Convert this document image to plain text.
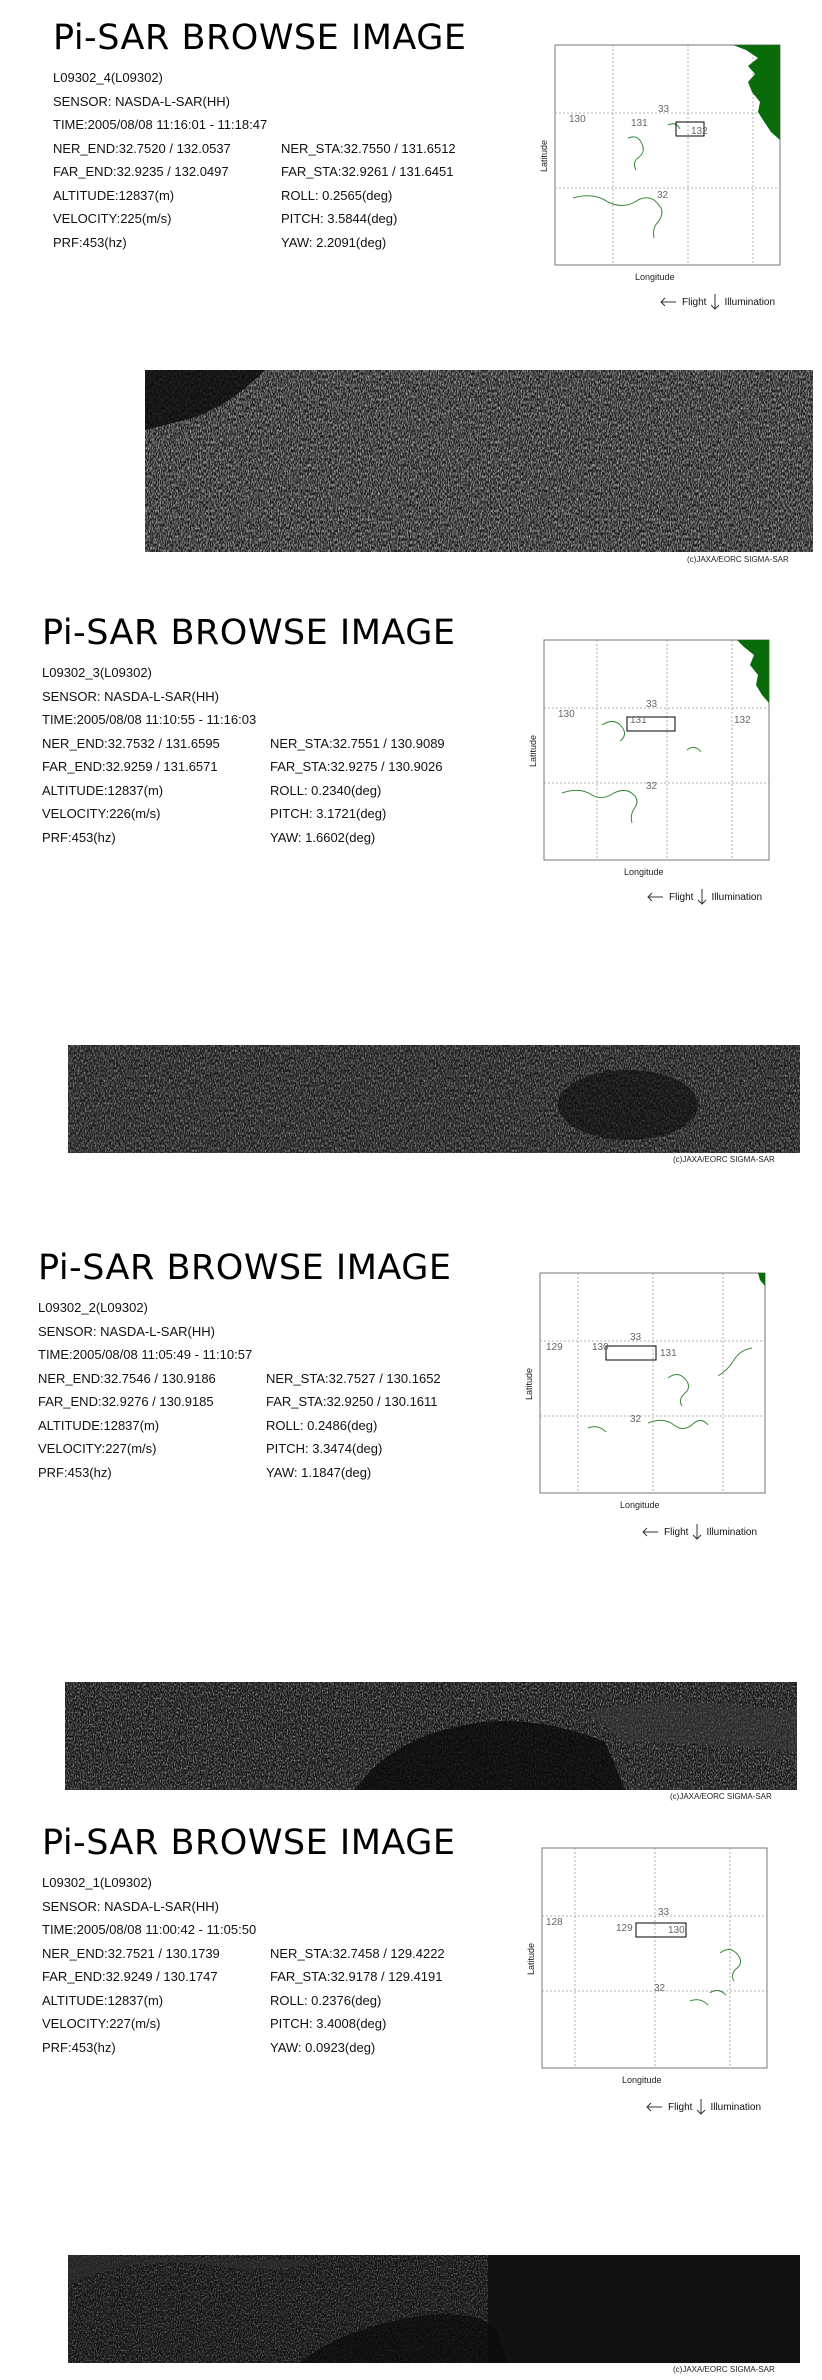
Pi-SAR BROWSE IMAGE
L09302_4(L09302)
SENSOR: NASDA-L-SAR(HH)
TIME:2005/08/08 11:16:01 - 11:18:47
NER_END:32.7520 / 132.0537	NER_STA:32.7550 / 131.6512
FAR_END:32.9235 / 132.0497	FAR_STA:32.9261 / 131.6451
ALTITUDE:12837(m)	ROLL: 0.2565(deg)
VELOCITY:225(m/s)	PITCH: 3.5844(deg)
PRF:453(hz)	YAW: 2.2091(deg)
130	131
132
33
32
Longitude
Latitude
Flight Illumination
(c)JAXA/EORC SIGMA-SAR
Pi-SAR BROWSE IMAGE
L09302_3(L09302)
SENSOR: NASDA-L-SAR(HH)
TIME:2005/08/08 11:10:55 - 11:16:03
NER_END:32.7532 / 131.6595	NER_STA:32.7551 / 130.9089
FAR_END:32.9259 / 131.6571	FAR_STA:32.9275 / 130.9026
ALTITUDE:12837(m)	ROLL: 0.2340(deg)
VELOCITY:226(m/s)	PITCH: 3.1721(deg)
PRF:453(hz)	YAW: 1.6602(deg)
130
131	132
33
32
Longitude
Latitude
Flight Illumination
(c)JAXA/EORC SIGMA-SAR
Pi-SAR BROWSE IMAGE
L09302_2(L09302)
SENSOR: NASDA-L-SAR(HH)
TIME:2005/08/08 11:05:49 - 11:10:57
NER_END:32.7546 / 130.9186	NER_STA:32.7527 / 130.1652
FAR_END:32.9276 / 130.9185	FAR_STA:32.9250 / 130.1611
ALTITUDE:12837(m)	ROLL: 0.2486(deg)
VELOCITY:227(m/s)	PITCH: 3.3474(deg)
PRF:453(hz)	YAW: 1.1847(deg)
129	130
131
33
32
Longitude
Latitude
Flight Illumination
(c)JAXA/EORC SIGMA-SAR
Pi-SAR BROWSE IMAGE
L09302_1(L09302)
SENSOR: NASDA-L-SAR(HH)
TIME:2005/08/08 11:00:42 - 11:05:50
NER_END:32.7521 / 130.1739	NER_STA:32.7458 / 129.4222
FAR_END:32.9249 / 130.1747	FAR_STA:32.9178 / 129.4191
ALTITUDE:12837(m)	ROLL: 0.2376(deg)
VELOCITY:227(m/s)	PITCH: 3.4008(deg)
PRF:453(hz)	YAW: 0.0923(deg)
128
129	130
33
32
Longitude
Latitude
Flight Illumination
(c)JAXA/EORC SIGMA-SAR
